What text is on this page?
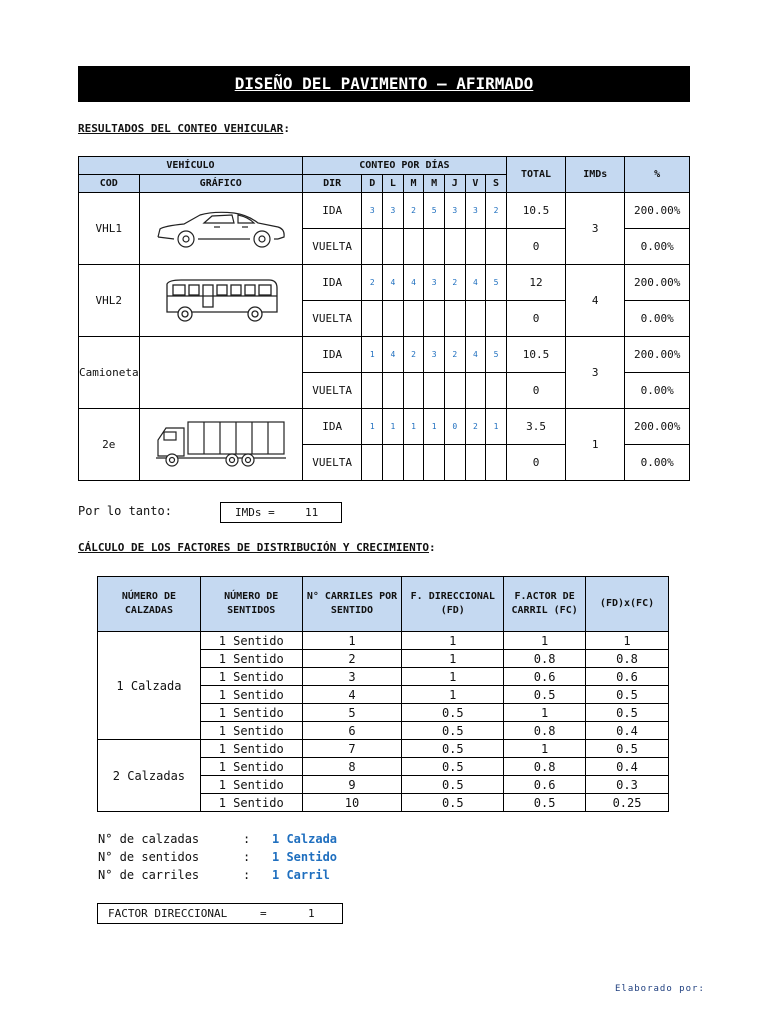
DISEÑO DEL PAVIMENTO – AFIRMADO
RESULTADOS DEL CONTEO VEHICULAR:
VEHÍCULO		CONTEO POR DÍAS								TOTAL	IMDs	%
COD	GRÁFICO	DIR	D	L	M	M	J	V	S			
VHL1		IDA	3	3	2	5	3	3	2	10.5	3	200.00%
		VUELTA								0		0.00%
VHL2		IDA	2	4	4	3	2	4	5	12	4	200.00%
		VUELTA								0		0.00%
Camioneta		IDA	1	4	2	3	2	4	5	10.5	3	200.00%
		VUELTA								0		0.00%
2e		IDA	1	1	1	1	0	2	1	3.5	1	200.00%
		VUELTA								0		0.00%
Por lo tanto:	IMDs =	11
CÁLCULO DE LOS FACTORES DE DISTRIBUCIÓN Y CRECIMIENTO:
NÚMERO DE CALZADAS	NÚMERO DE SENTIDOS	N° CARRILES POR SENTIDO	F. DIRECCIONAL (FD)	F.ACTOR DE CARRIL (FC)	(FD)x(FC)
1 Calzada	1 Sentido	1	1	1	1
	1 Sentido	2	1	0.8	0.8
	1 Sentido	3	1	0.6	0.6
	1 Sentido	4	1	0.5	0.5
	1 Sentido	5	0.5	1	0.5
	1 Sentido	6	0.5	0.8	0.4
2 Calzadas	1 Sentido	7	0.5	1	0.5
	1 Sentido	8	0.5	0.8	0.4
	1 Sentido	9	0.5	0.6	0.3
	1 Sentido	10	0.5	0.5	0.25
N° de calzadas	: 1 Calzada
N° de sentidos	: 1 Sentido
N° de carriles	: 1 Carril
FACTOR DIRECCIONAL	=	1
Elaborado por:
